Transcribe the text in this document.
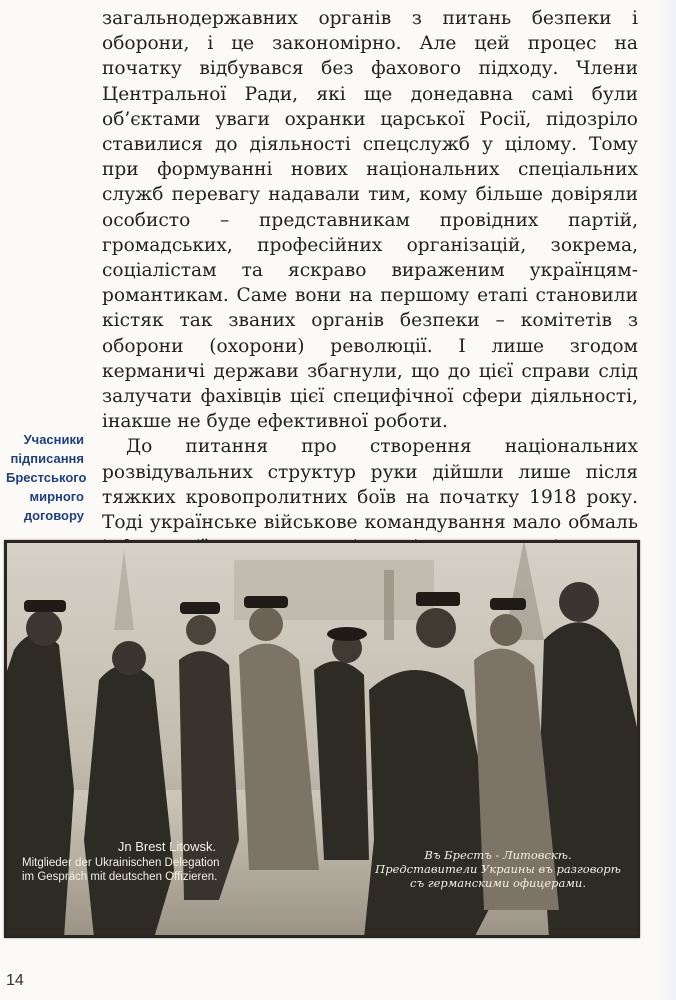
загальнодержавних органів з питань безпеки і оборони, і це закономірно. Але цей процес на початку відбувався без фахового підходу. Члени Центральної Ради, які ще донедавна самі були об’єктами уваги охранки царської Росії, підозріло ставилися до діяльності спецслужб у цілому. Тому при формуванні нових національних спеціальних служб перевагу надавали тим, кому більше довіряли особисто – представникам провідних партій, громадських, професійних організацій, зокрема, соціалістам та яскраво вираженим українцям-романтикам. Саме вони на першому етапі становили кістяк так званих органів безпеки – комітетів з оборони (охорони) революції. І лише згодом керманичі держави збагнули, що до цієї справи слід залучати фахівців цієї специфічної сфери діяльності, інакше не буде ефективної роботи.

До питання про створення національних розвідувальних структур руки дійшли лише після тяжких кровопролитних боїв на початку 1918 року. Тоді українське військове командування мало обмаль

Учасники підписання Брестського мирного договору
Jn Brest Litowsk.
Mitglieder der Ukrainischen Delegation
im Gespräch mit deutschen Offizieren.
Въ Брестъ - Литовскѣ.
Представители Украины въ разговорѣ
съ германскими офицерами.
14
